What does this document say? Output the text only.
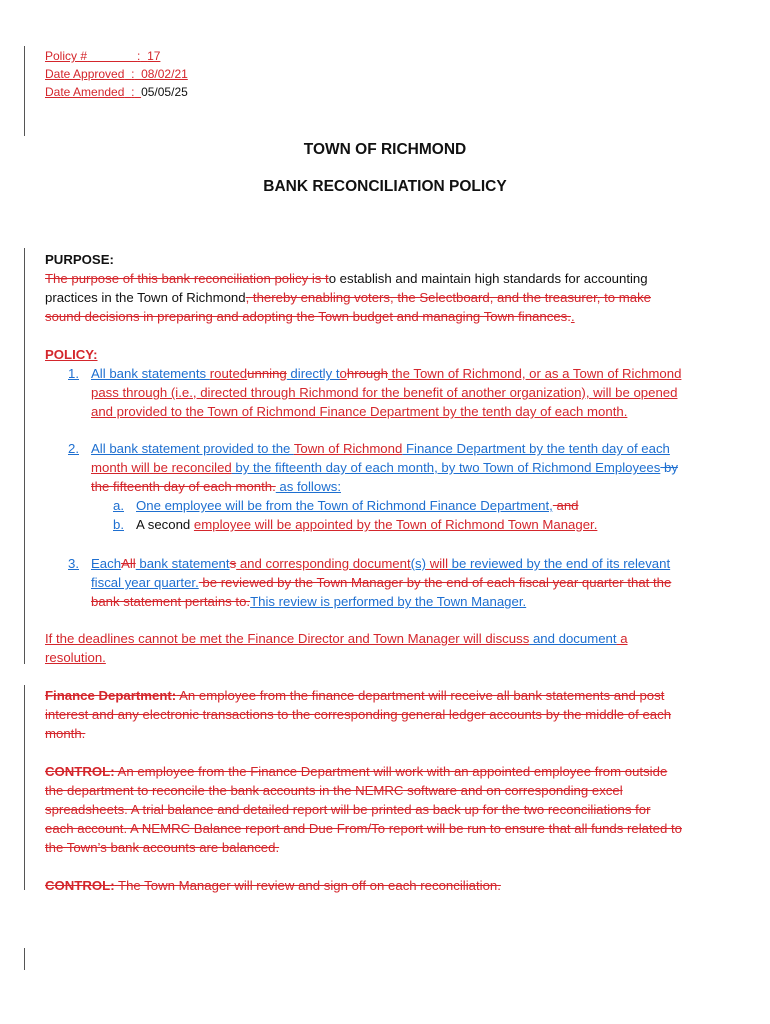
Policy #	: 17
Date Approved : 08/02/21
Date Amended : 05/05/25
TOWN OF RICHMOND
BANK RECONCILIATION POLICY
PURPOSE:
The purpose of this bank reconciliation policy is to establish and maintain high standards for accounting
practices in the Town of Richmond, thereby enabling voters, the Selectboard, and the treasurer, to make
sound decisions in preparing and adopting the Town budget and managing Town finances..
POLICY:
1. All bank statements routedunning directly tohrough the Town of Richmond, or as a Town of Richmond
pass through (i.e., directed through Richmond for the benefit of another organization), will be opened
and provided to the Town of Richmond Finance Department by the tenth day of each month.
2. All bank statement provided to the Town of Richmond Finance Department by the tenth day of each
month will be reconciled by the fifteenth day of each month, by two Town of Richmond Employees by
the fifteenth day of each month. as follows:
a. One employee will be from the Town of Richmond Finance Department, and
b. A second employee will be appointed by the Town of Richmond Town Manager.
3. EachAll bank statements and corresponding document(s) will be reviewed by the end of its relevant
fiscal year quarter. be reviewed by the Town Manager by the end of each fiscal year quarter that the
bank statement pertains to.This review is performed by the Town Manager.
If the deadlines cannot be met the Finance Director and Town Manager will discuss and document a
resolution.
Finance Department: An employee from the finance department will receive all bank statements and post
interest and any electronic transactions to the corresponding general ledger accounts by the middle of each
month.
CONTROL: An employee from the Finance Department will work with an appointed employee from outside
the department to reconcile the bank accounts in the NEMRC software and on corresponding excel
spreadsheets. A trial balance and detailed report will be printed as back up for the two reconciliations for
each account. A NEMRC Balance report and Due From/To report will be run to ensure that all funds related to
the Town’s bank accounts are balanced.
CONTROL: The Town Manager will review and sign off on each reconciliation.
